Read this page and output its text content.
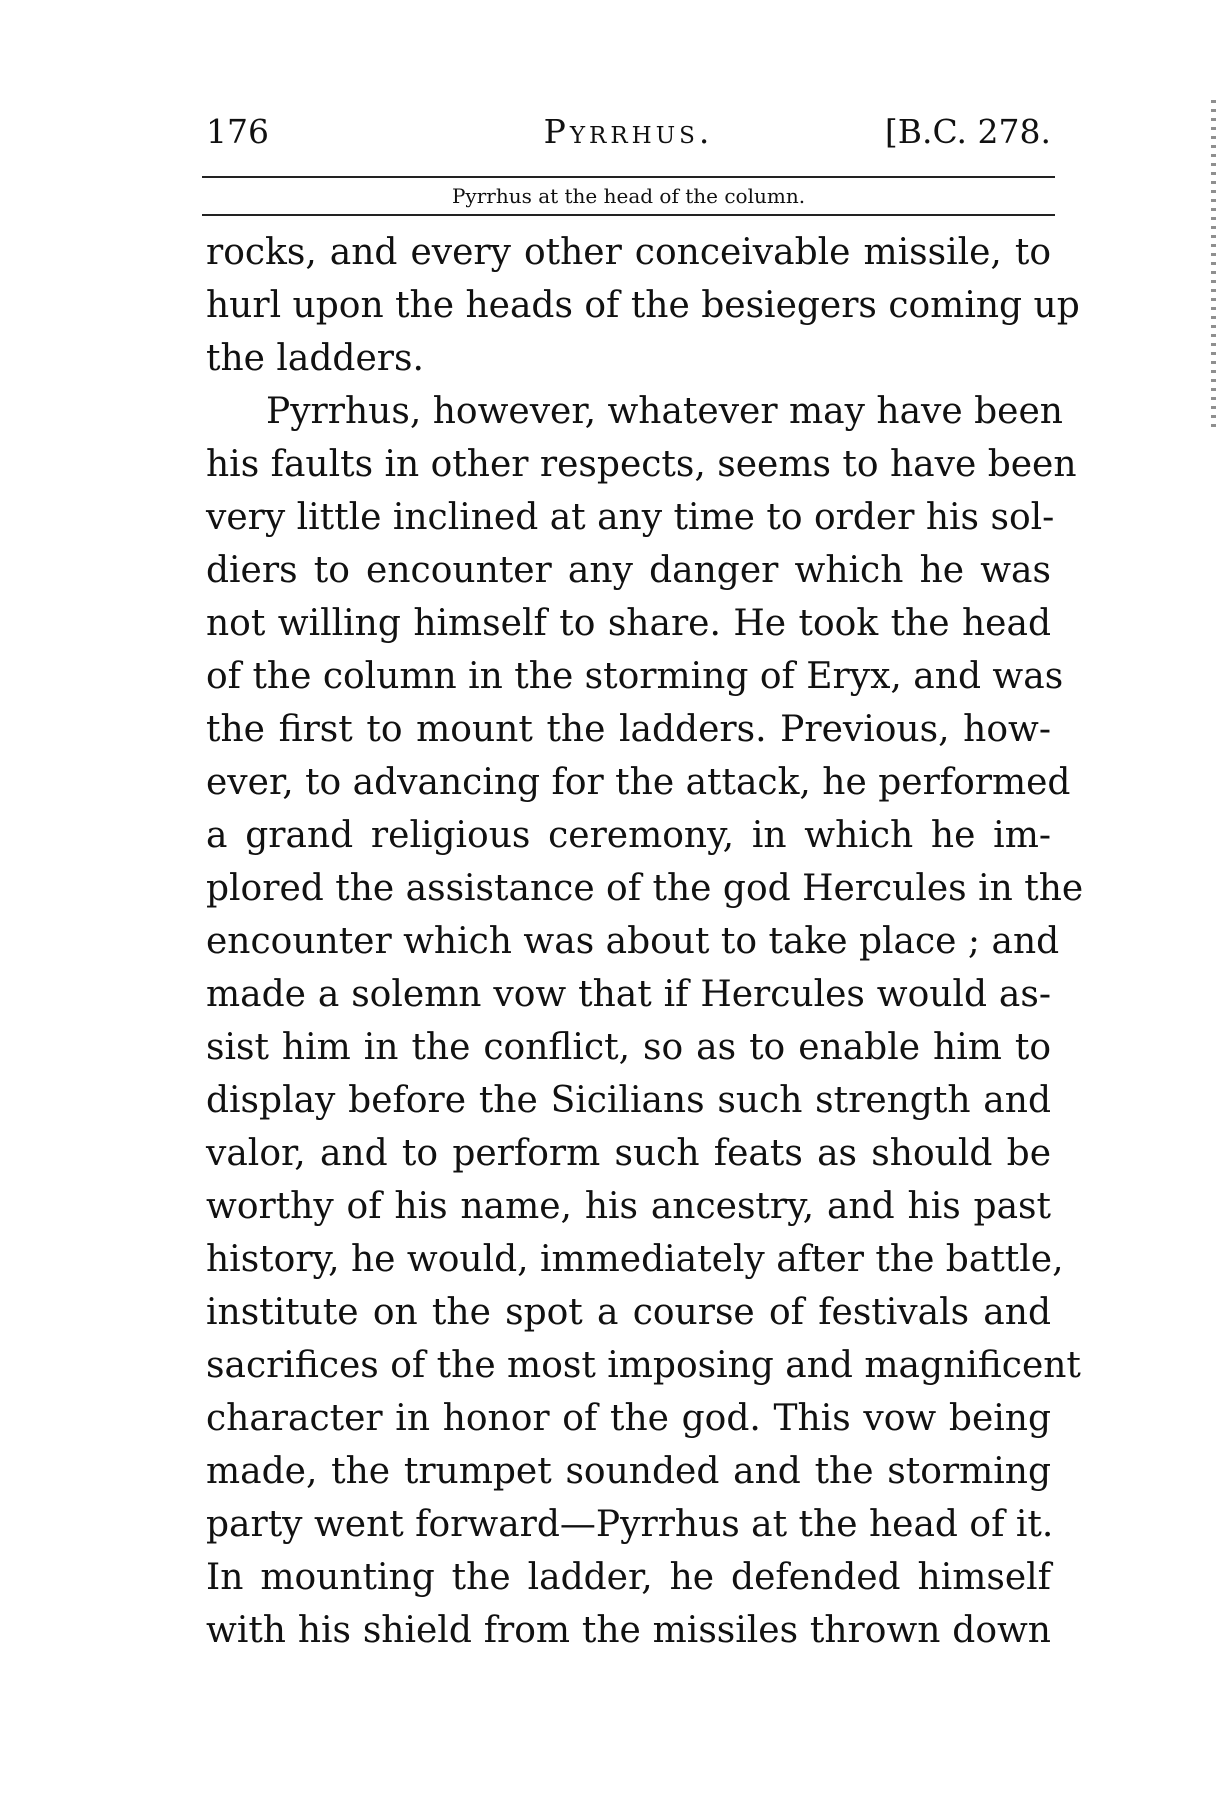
176	Pyrrhus.	[B.C. 278.
Pyrrhus at the head of the column.
rocks, and every other conceivable missile, to
hurl upon the heads of the besiegers coming up
the ladders.
Pyrrhus, however, whatever may have been
his faults in other respects, seems to have been
very little inclined at any time to order his sol-
diers to encounter any danger which he was
not willing himself to share. He took the head
of the column in the storming of Eryx, and was
the first to mount the ladders. Previous, how-
ever, to advancing for the attack, he performed
a grand religious ceremony, in which he im-
plored the assistance of the god Hercules in the
encounter which was about to take place ; and
made a solemn vow that if Hercules would as-
sist him in the conflict, so as to enable him to
display before the Sicilians such strength and
valor, and to perform such feats as should be
worthy of his name, his ancestry, and his past
history, he would, immediately after the battle,
institute on the spot a course of festivals and
sacrifices of the most imposing and magnificent
character in honor of the god. This vow being
made, the trumpet sounded and the storming
party went forward—Pyrrhus at the head of it.
In mounting the ladder, he defended himself
with his shield from the missiles thrown down
